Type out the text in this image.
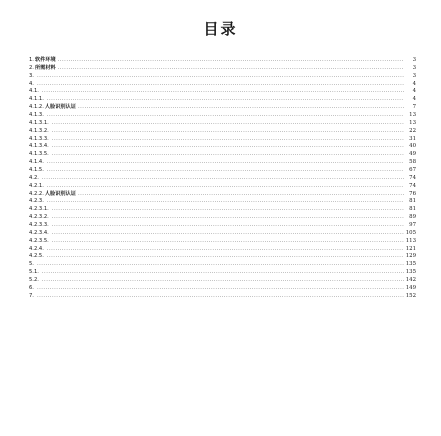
目录
1. 软件环境 .....	3
2. 所需材料 .....	3
3. .....	3
4. .....	4
4.1. .....	4
4.1.1. .....	4
4.1.2. 人脸识别认证 .....	7
4.1.3. .....	13
4.1.3.1. .....	13
4.1.3.2. .....	22
4.1.3.3. .....	31
4.1.3.4. .....	40
4.1.3.5. .....	49
4.1.4. .....	58
4.1.5. .....	67
4.2. .....	74
4.2.1. .....	74
4.2.2. 人脸识别认证 .....	76
4.2.3. .....	81
4.2.3.1. .....	81
4.2.3.2. .....	89
4.2.3.3. .....	97
4.2.3.4. .....	105
4.2.3.5. .....	113
4.2.4. .....	121
4.2.5. .....	129
5. .....	135
5.1. .....	135
5.2. .....	142
6. .....	149
7. .....	152
